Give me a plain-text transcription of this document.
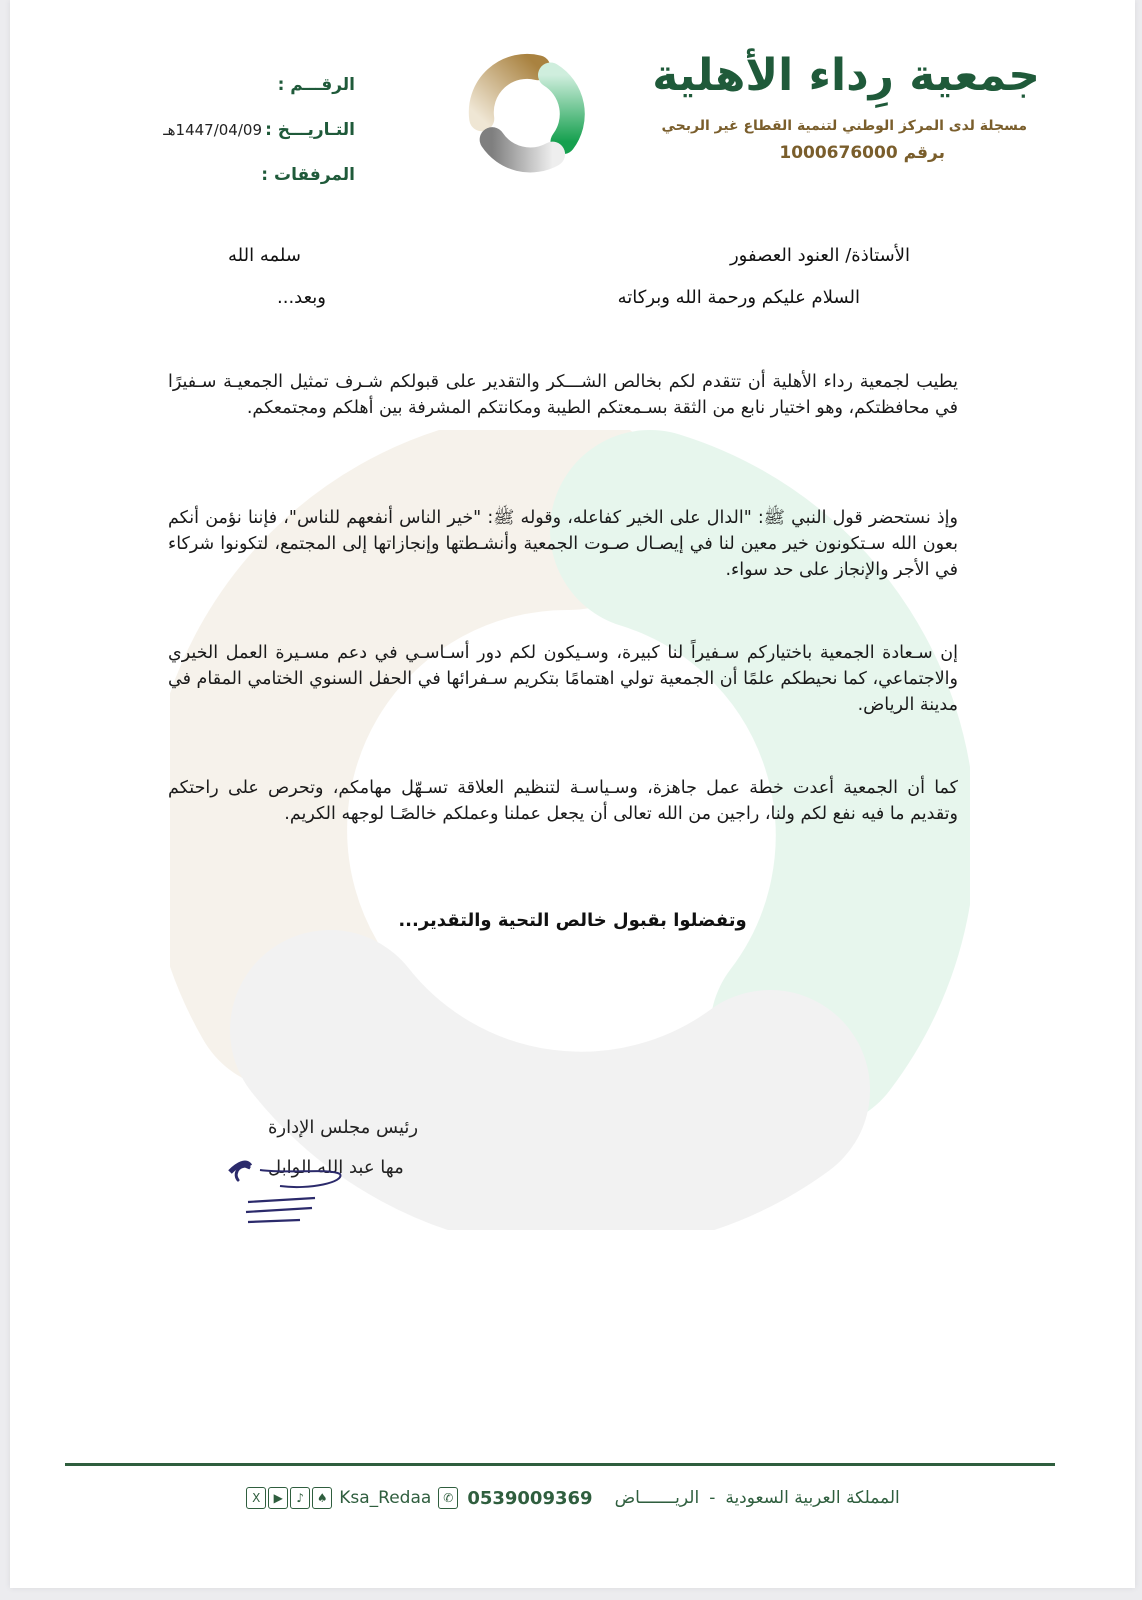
جمعية رِداء الأهلية
مسجلة لدى المركز الوطني لتنمية القطاع غير الربحي
برقم 1000676000
الرقـــم :
التـاريـــخ :
1447/04/09هـ
المرفقات :
الأستاذة/ العنود العصفور
سلمه الله
السلام عليكم ورحمة الله وبركاته
وبعد...
يطيب لجمعية رداء الأهلية أن تتقدم لكم بخالص الشـــكر والتقدير على قبولكم شـرف تمثيل الجمعيـة سـفيرًا في محافظتكم، وهو اختيار نابع من الثقة بسـمعتكم الطيبة ومكانتكم المشرفة بين أهلكم ومجتمعكم.
وإذ نستحضر قول النبي ﷺ: "الدال على الخير كفاعله، وقوله ﷺ: "خير الناس أنفعهم للناس"، فإننا نؤمن أنكم بعون الله سـتكونون خير معين لنا في إيصـال صـوت الجمعية وأنشـطتها وإنجازاتها إلى المجتمع، لتكونوا شركاء في الأجر والإنجاز على حد سواء.
إن سـعادة الجمعية باختياركم سـفيراً لنا كبيرة، وسـيكون لكم دور أسـاسـي في دعم مسـيرة العمل الخيري والاجتماعي، كما نحيطكم علمًا أن الجمعية تولي اهتمامًا بتكريم سـفرائها في الحفل السنوي الختامي المقام في مدينة الرياض.
كما أن الجمعية أعدت خطة عمل جاهزة، وسـياسـة لتنظيم العلاقة تسـهّل مهامكم، وتحرص على راحتكم وتقديم ما فيه نفع لكم ولنا، راجين من الله تعالى أن يجعل عملنا وعملكم خالصًـا لوجهه الكريم.
وتفضلوا بقبول خالص التحية والتقدير...
رئيس مجلس الإدارة
مها عبد الله الوابل
المملكة العربية السعودية
-
الريـــــــاض
0539009369
✆
Ksa_Redaa
♠
♪
▶
X
